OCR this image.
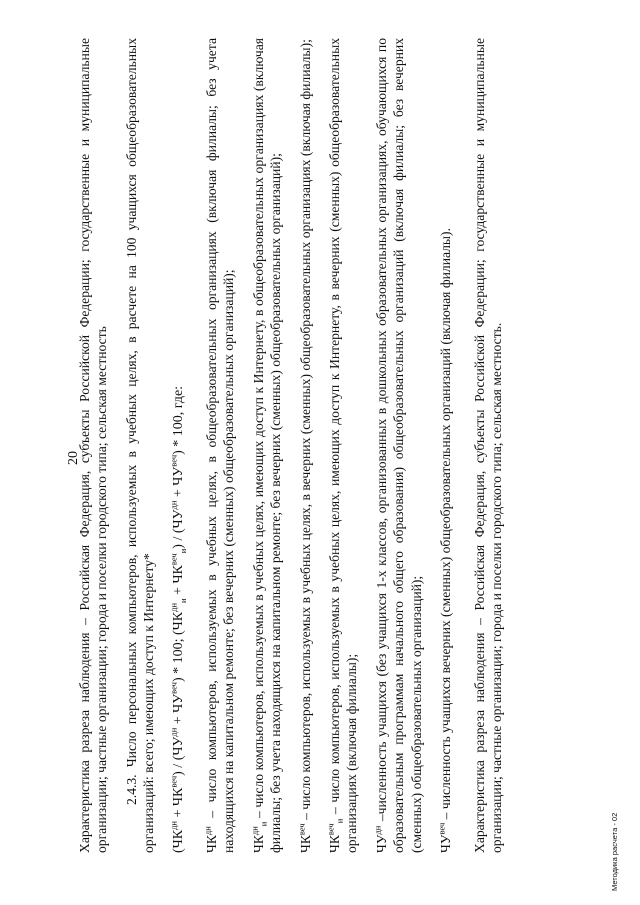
20

Характеристика разреза наблюдения – Российская Федерация, субъекты Российской Федерации; государственные и муниципальные организации; частные организации; города и поселки городского типа; сельская местность 2.4.3. Число персональных компьютеров, используемых в учебных целях, в расчете на 100 учащихся общеобразовательных организаций: всего; имеющих доступ к Интернету* $(ЧК^{дн} + ЧК^{веч}) / (ЧУ^{дн} + ЧУ^{веч}) * 100$; $(ЧК^{дн}_и + ЧК^{веч}_и) / (ЧУ^{дн} + ЧУ^{веч}) * 100$, где:

$ЧК^{дн}$ – число компьютеров, используемых в учебных целях, в общеобразовательных организациях (включая филиалы; без учета находящихся на капитальном ремонте; без вечерних (сменных) общеобразовательных организаций); $ЧК^{дн}_и$ – число компьютеров, используемых в учебных целях, имеющих доступ к Интернету, в общеобразовательных организациях (включая филиалы; без учета находящихся на капитальном ремонте; без вечерних (сменных) общеобразовательных организаций); $ЧК^{веч}$ – число компьютеров, используемых в учебных целях, в вечерних (сменных) общеобразовательных организациях (включая филиалы);

$ЧК^{веч}_и$ – число компьютеров, используемых в учебных целях, имеющих доступ к Интернету, в вечерних (сменных) общеобразовательных организациях (включая филиалы); $ЧУ^{дн}$ –численность учащихся (без учащихся 1-х классов, организованных в дошкольных образовательных организациях, обучающихся по образовательным программам начального общего образования) общеобразовательных организаций (включая филиалы; без вечерних (сменных) общеобразовательных организаций); $ЧУ^{веч}$ – численность учащихся вечерних (сменных) общеобразовательных организаций (включая филиалы). Характеристика разреза наблюдения – Российская Федерация, субъекты Российской Федерации; государственные и муниципальные организации; частные организации; города и поселки городского типа; сельская местность.	Методика расчета - 02
